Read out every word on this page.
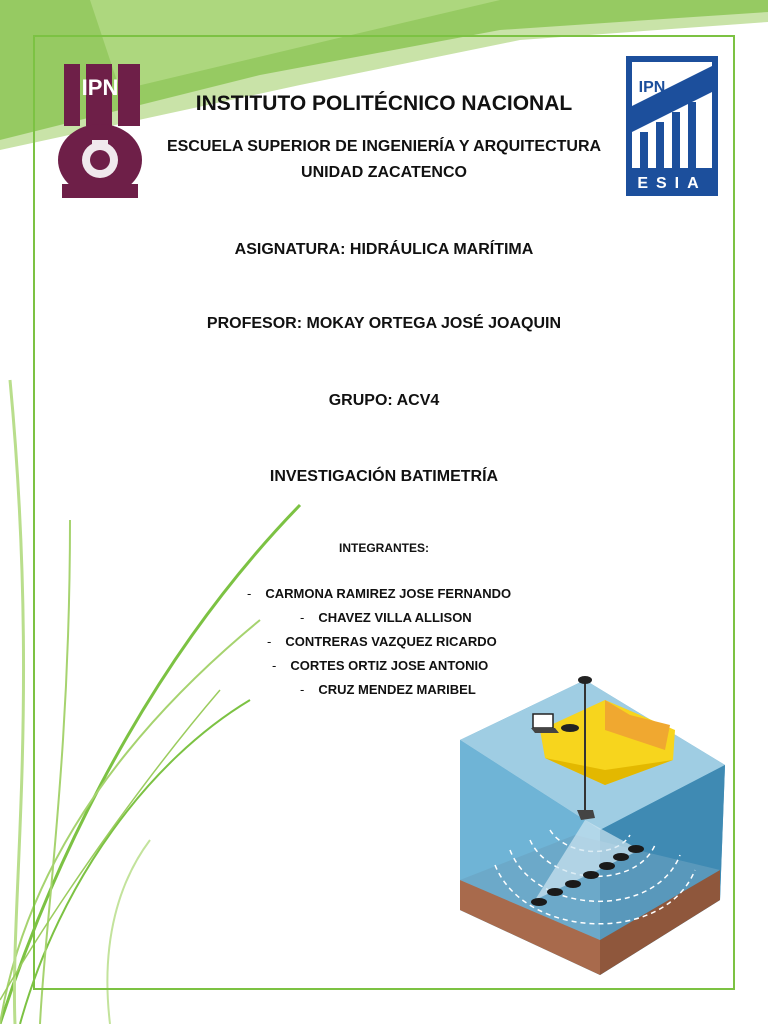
IPN	IPN
ESIA
INSTITUTO POLITÉCNICO NACIONAL
ESCUELA SUPERIOR DE INGENIERÍA Y ARQUITECTURA
UNIDAD ZACATENCO
ASIGNATURA: HIDRÁULICA MARÍTIMA
PROFESOR: MOKAY ORTEGA JOSÉ JOAQUIN
GRUPO: ACV4
INVESTIGACIÓN BATIMETRÍA
INTEGRANTES:
- CARMONA RAMIREZ JOSE FERNANDO
- CHAVEZ VILLA ALLISON
- CONTRERAS VAZQUEZ RICARDO
- CORTES ORTIZ JOSE ANTONIO
- CRUZ MENDEZ MARIBEL
